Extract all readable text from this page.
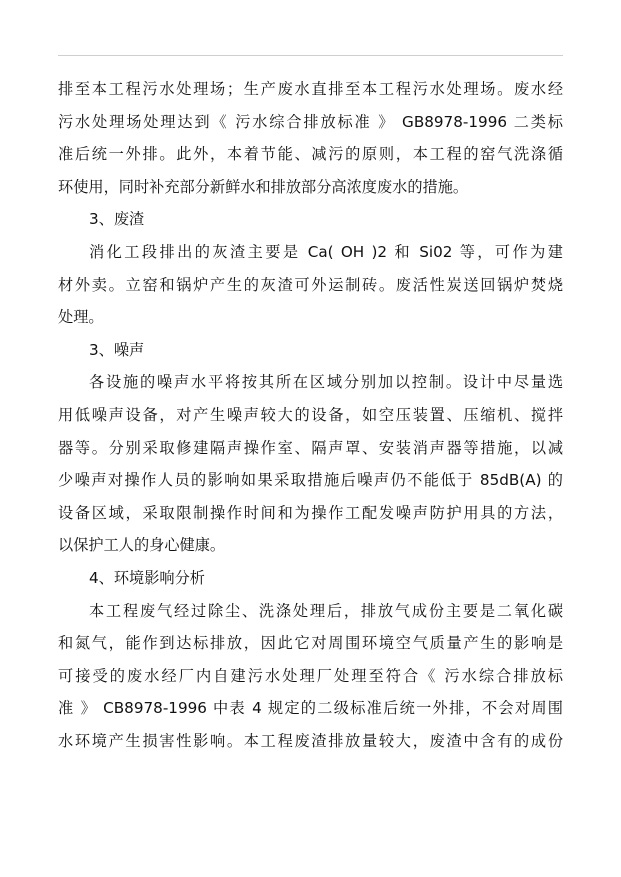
排至本工程污水处理场；生产废水直排至本工程污水处理场。废水经
污水处理场处理达到《 污水综合排放标准 》 GB8978-1996 二类标
准后统一外排。此外，本着节能、减污的原则，本工程的窑气洗涤循
环使用，同时补充部分新鲜水和排放部分高浓度废水的措施。
3、废渣
消化工段排出的灰渣主要是 Ca( OH )2 和 Si02 等，可作为建
材外卖。立窑和锅炉产生的灰渣可外运制砖。废活性炭送回锅炉焚烧
处理。
3、噪声
各设施的噪声水平将按其所在区域分别加以控制。设计中尽量选
用低噪声设备，对产生噪声较大的设备，如空压装置、压缩机、搅拌
器等。分别采取修建隔声操作室、隔声罩、安装消声器等措施，以减
少噪声对操作人员的影响如果采取措施后噪声仍不能低于 85dB(A) 的
设备区域，采取限制操作时间和为操作工配发噪声防护用具的方法，
以保护工人的身心健康。
4、环境影响分析
本工程废气经过除尘、洗涤处理后，排放气成份主要是二氧化碳
和氮气，能作到达标排放，因此它对周围环境空气质量产生的影响是
可接受的废水经厂内自建污水处理厂处理至符合《 污水综合排放标
准 》 CB8978-1996 中表 4 规定的二级标准后统一外排，不会对周围
水环境产生损害性影响。本工程废渣排放量较大，废渣中含有的成份
